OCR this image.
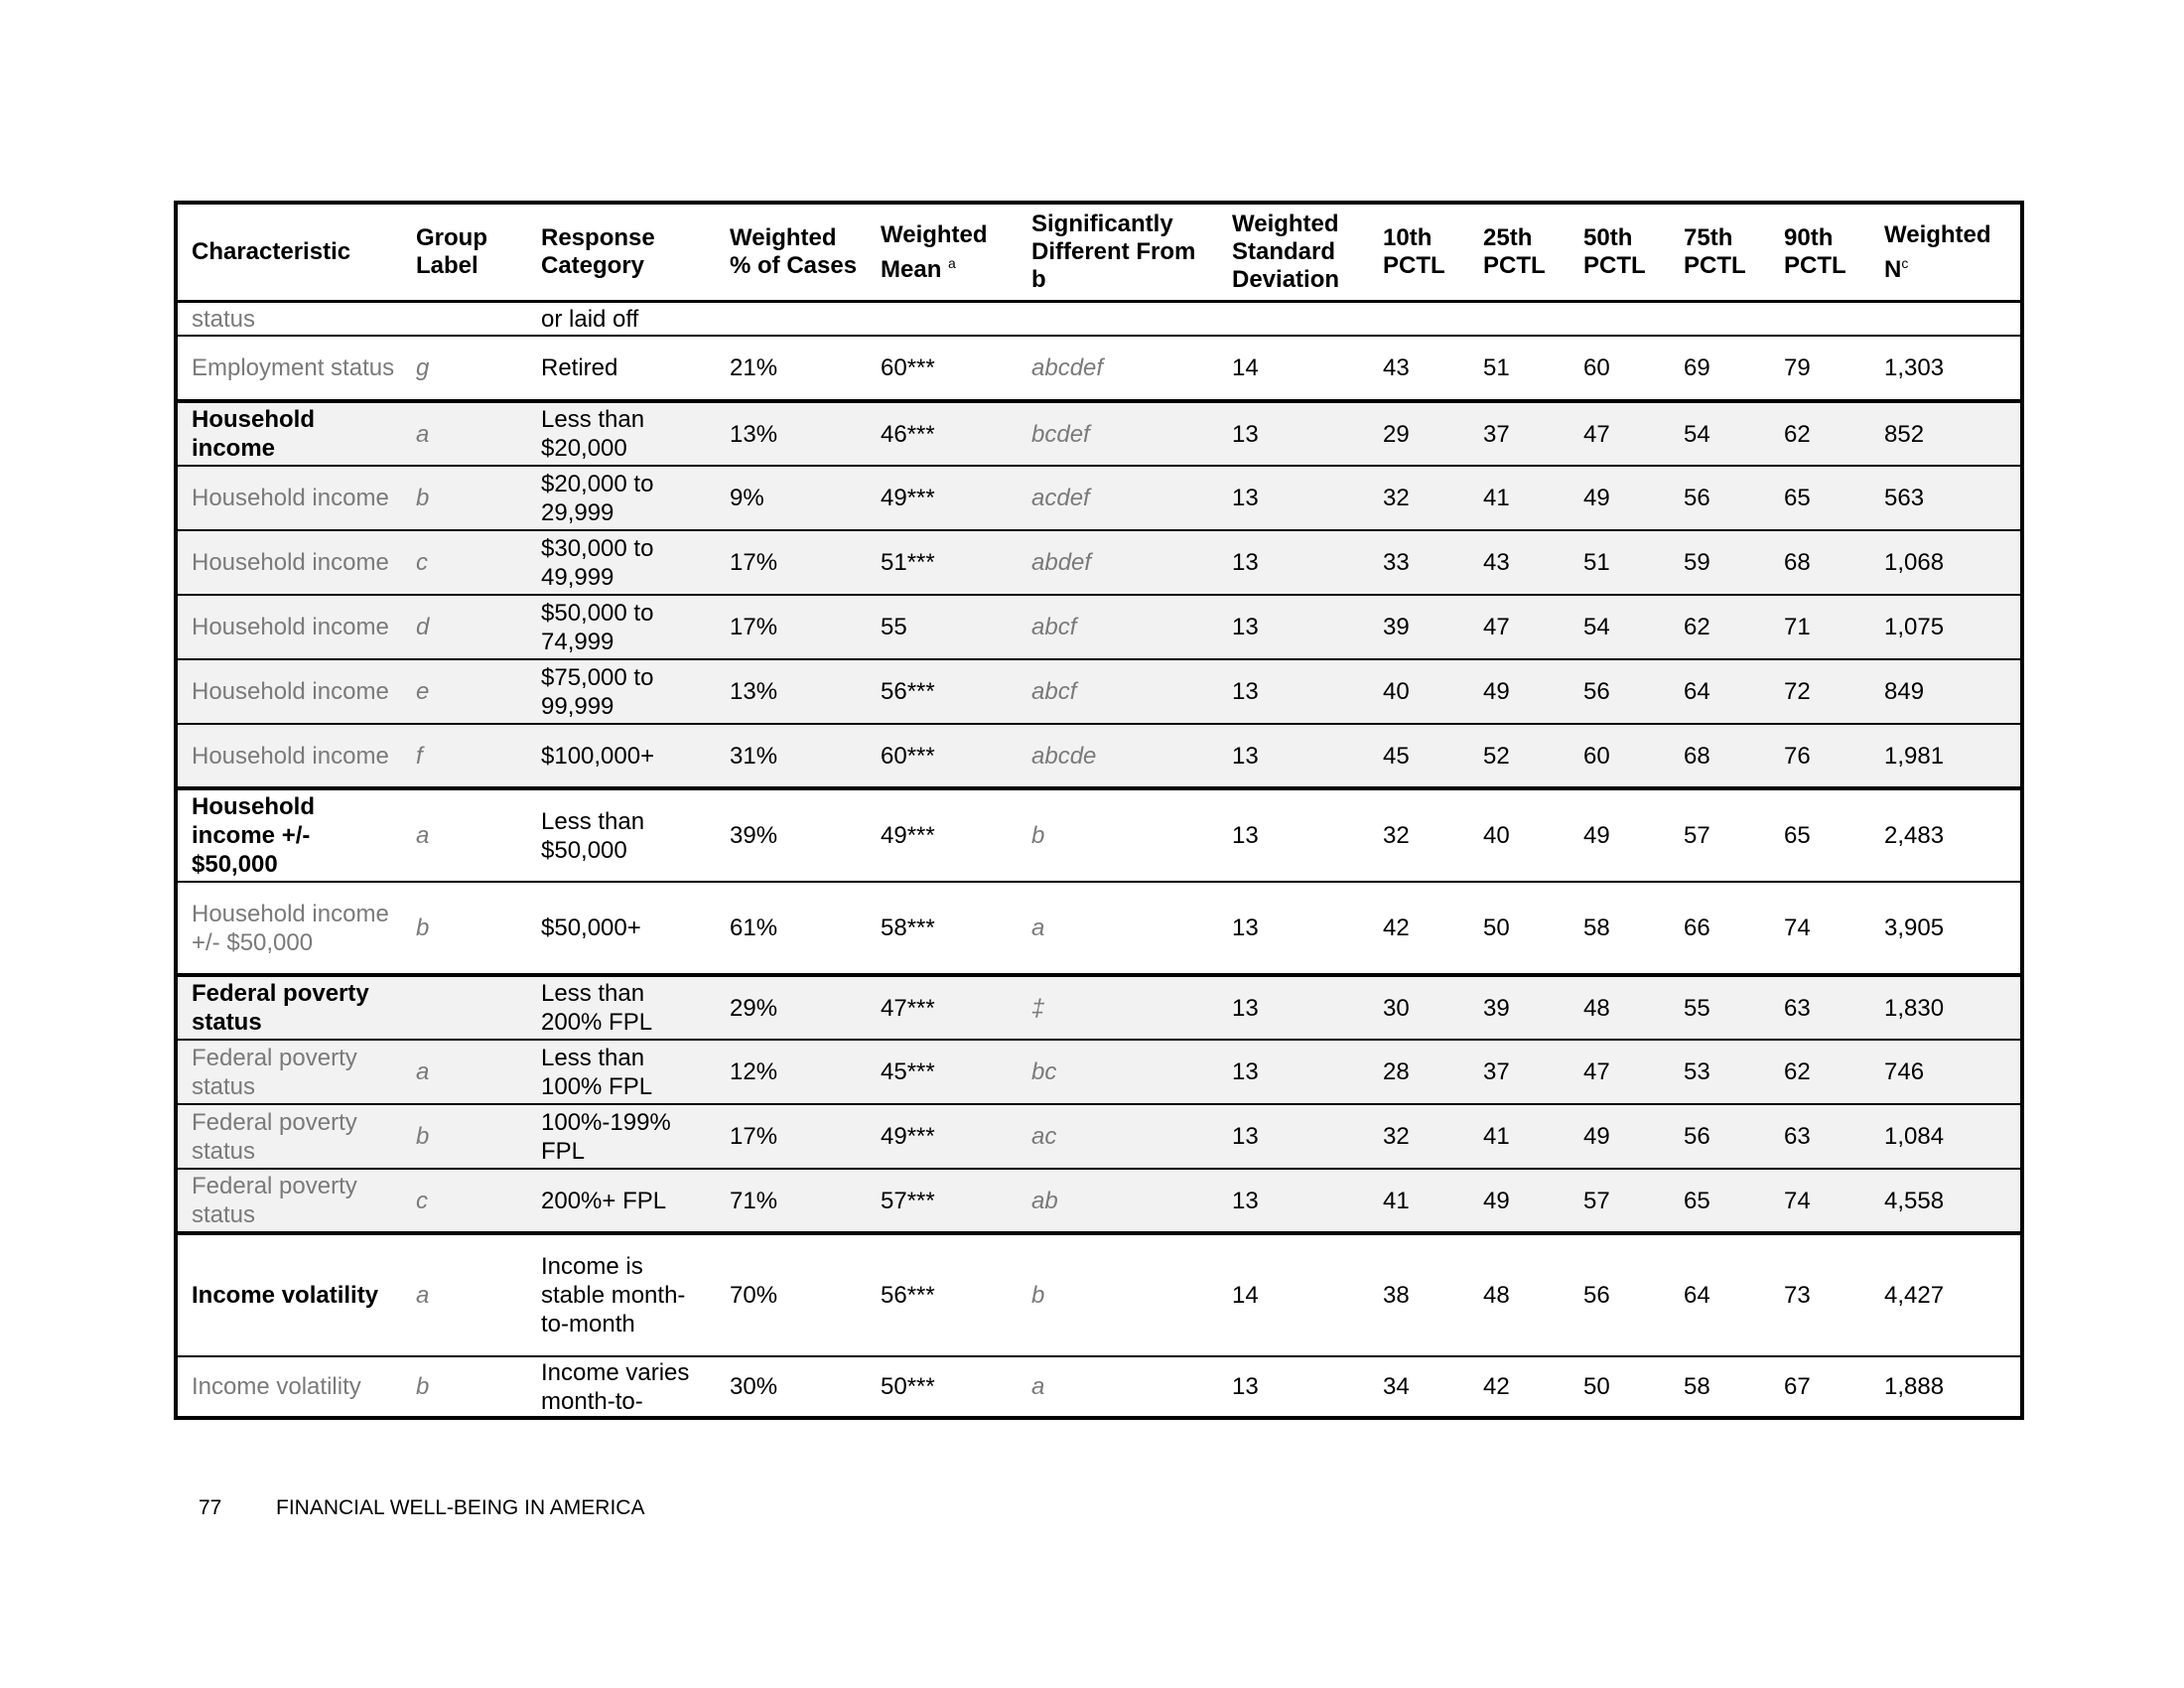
Characteristic	Group Label	Response Category	Weighted % of Cases	Weighted Mean $^a$	Significantly Different From b	Weighted Standard Deviation	10th PCTL	25th PCTL	50th PCTL	75th PCTL	90th PCTL	Weighted $N^c$
status		or laid off										
Employment status	g	Retired	21%	60***	abcdef	14	43	51	60	69	79	1,303
Household income	a	Less than $20,000	13%	46***	bcdef	13	29	37	47	54	62	852
Household income	b	$20,000 to 29,999	9%	49***	acdef	13	32	41	49	56	65	563
Household income	c	$30,000 to 49,999	17%	51***	abdef	13	33	43	51	59	68	1,068
Household income	d	$50,000 to 74,999	17%	55	abcf	13	39	47	54	62	71	1,075
Household income	e	$75,000 to 99,999	13%	56***	abcf	13	40	49	56	64	72	849
Household income	f	$100,000+	31%	60***	abcde	13	45	52	60	68	76	1,981
Household income +/- $50,000	a	Less than $50,000	39%	49***	b	13	32	40	49	57	65	2,483
Household income +/- $50,000	b	$50,000+	61%	58***	a	13	42	50	58	66	74	3,905
Federal poverty status		Less than 200% FPL	29%	47***	‡	13	30	39	48	55	63	1,830
Federal poverty status	a	Less than 100% FPL	12%	45***	bc	13	28	37	47	53	62	746
Federal poverty status	b	100%-199% FPL	17%	49***	ac	13	32	41	49	56	63	1,084
Federal poverty status	c	200%+ FPL	71%	57***	ab	13	41	49	57	65	74	4,558
Income volatility	a	Income is stable month-to-month	70%	56***	b	14	38	48	56	64	73	4,427
Income volatility	b	Income varies month-to-	30%	50***	a	13	34	42	50	58	67	1,888
77	FINANCIAL WELL-BEING IN AMERICA
